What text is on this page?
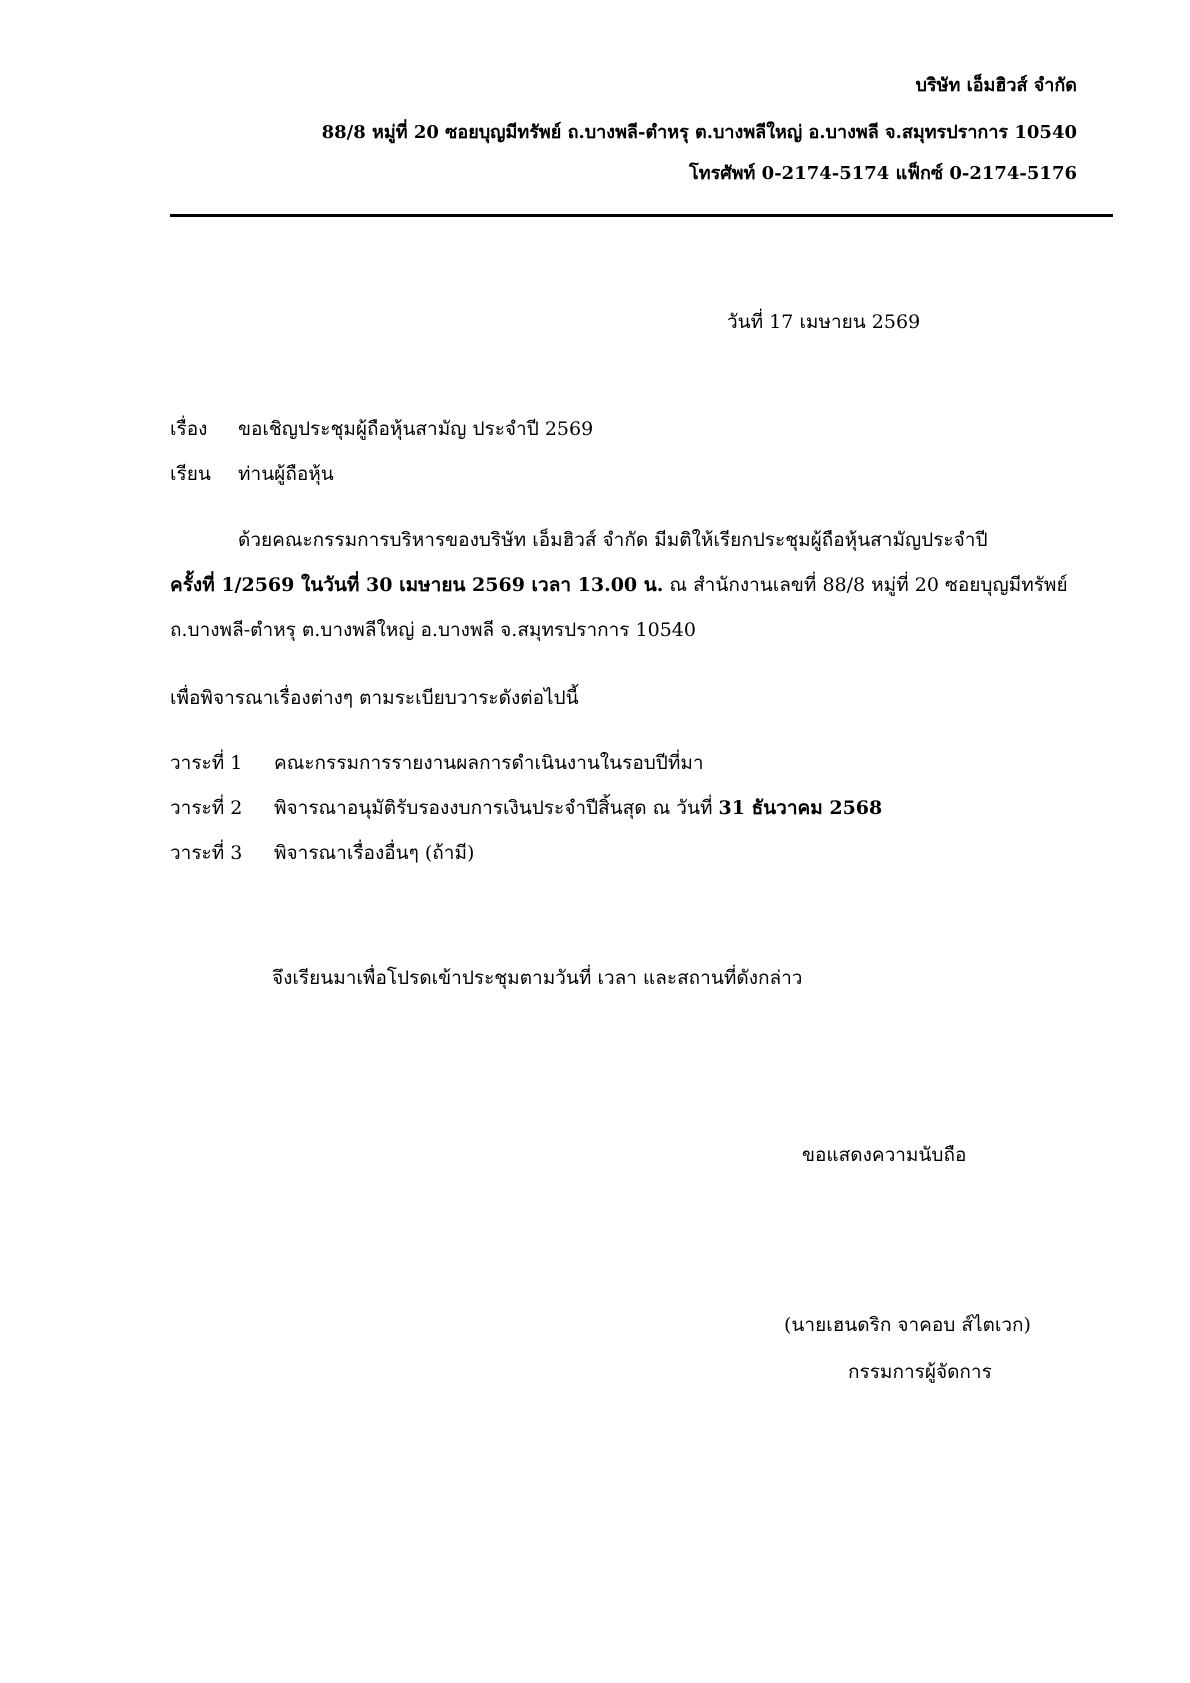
บริษัท เอ็มฮิวส์ จำกัด
88/8 หมู่ที่ 20 ซอยบุญมีทรัพย์ ถ.บางพลี-ตำหรุ ต.บางพลีใหญ่ อ.บางพลี จ.สมุทรปราการ 10540
โทรศัพท์ 0-2174-5174 แฟ็กซ์ 0-2174-5176
วันที่ 17 เมษายน 2569
เรื่อง ขอเชิญประชุมผู้ถือหุ้นสามัญ ประจำปี 2569
เรียน ท่านผู้ถือหุ้น
ด้วยคณะกรรมการบริหารของบริษัท เอ็มฮิวส์ จำกัด มีมติให้เรียกประชุมผู้ถือหุ้นสามัญประจำปี
ครั้งที่ 1/2569 ในวันที่ 30 เมษายน 2569 เวลา 13.00 น. ณ สำนักงานเลขที่ 88/8 หมู่ที่ 20 ซอยบุญมีทรัพย์
ถ.บางพลี-ตำหรุ ต.บางพลีใหญ่ อ.บางพลี จ.สมุทรปราการ 10540
เพื่อพิจารณาเรื่องต่างๆ ตามระเบียบวาระดังต่อไปนี้
วาระที่ 1 คณะกรรมการรายงานผลการดำเนินงานในรอบปีที่มา
วาระที่ 2 พิจารณาอนุมัติรับรองงบการเงินประจำปีสิ้นสุด ณ วันที่ 31 ธันวาคม 2568
วาระที่ 3 พิจารณาเรื่องอื่นๆ (ถ้ามี)
จึงเรียนมาเพื่อโปรดเข้าประชุมตามวันที่ เวลา และสถานที่ดังกล่าว
ขอแสดงความนับถือ
(นายเฮนดริก จาคอบ ส์ไตเวก)
กรรมการผู้จัดการ
